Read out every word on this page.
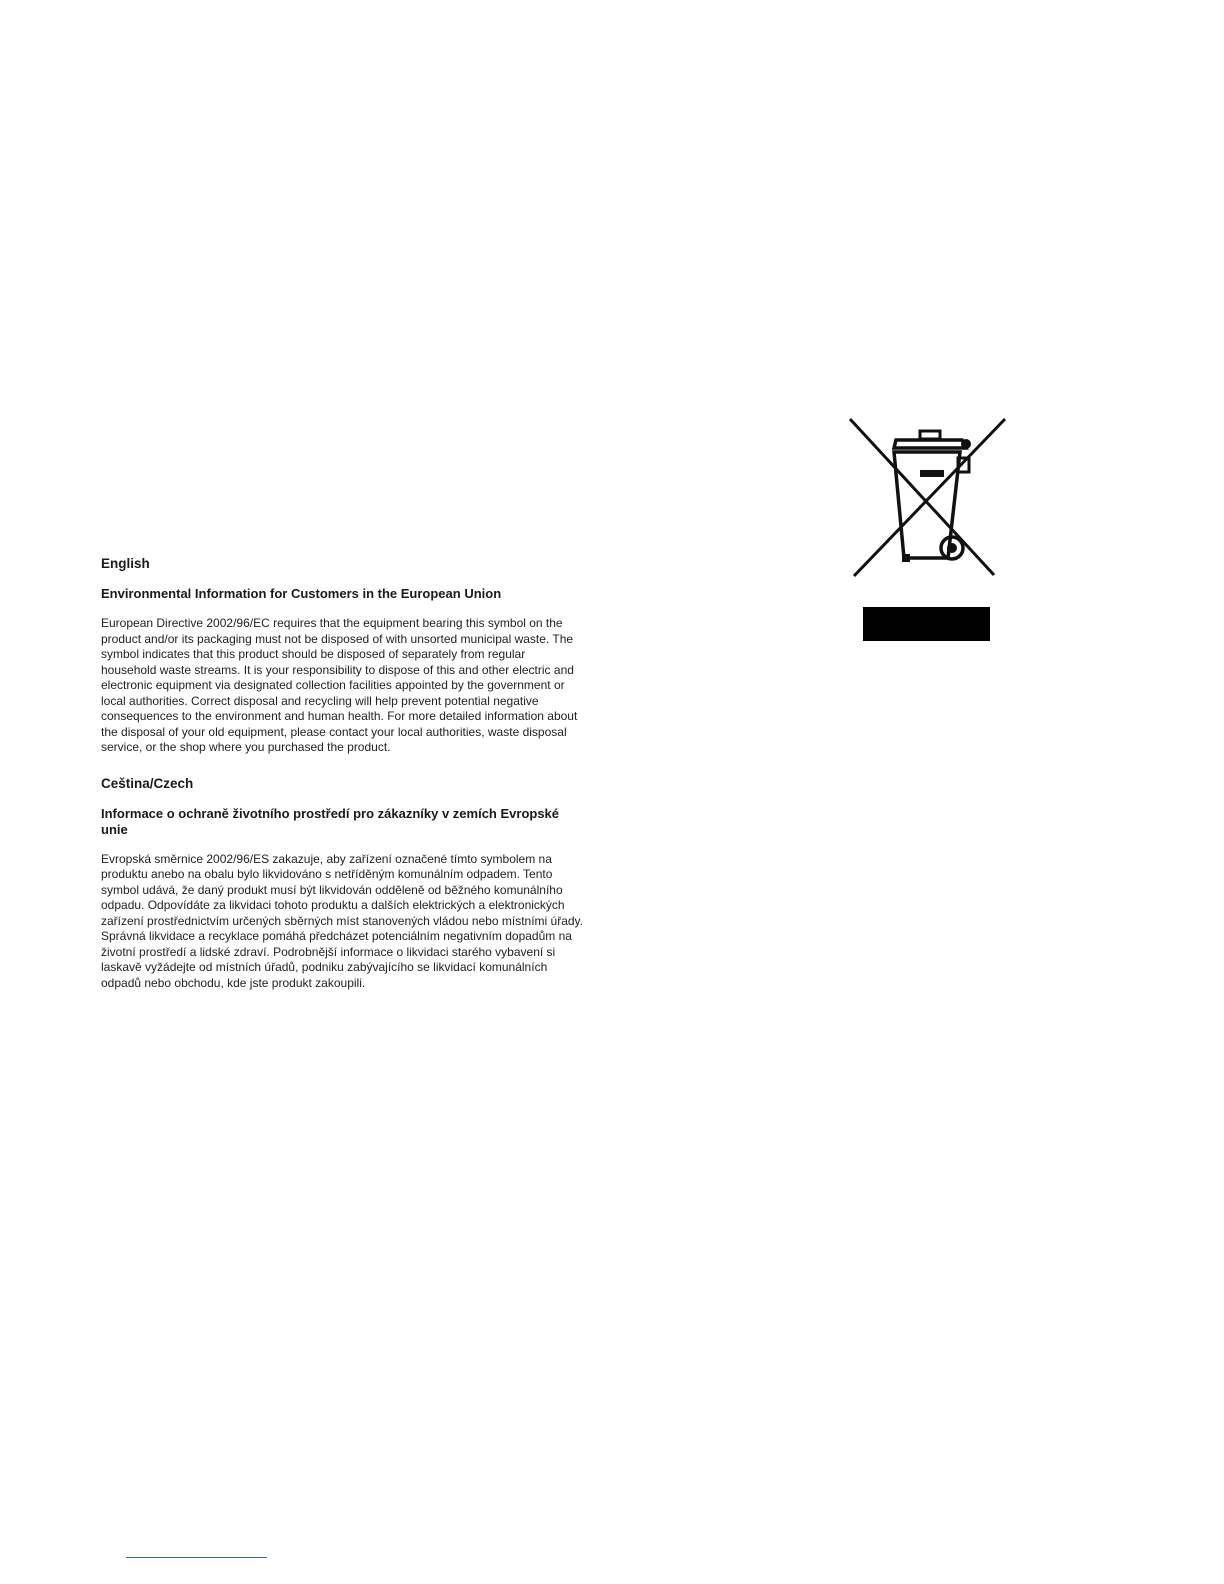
English
Environmental Information for Customers in the European Union

European Directive 2002/96/EC requires that the equipment bearing this symbol on the product and/or its packaging must not be disposed of with unsorted municipal waste. The symbol indicates that this product should be disposed of separately from regular household waste streams. It is your responsibility to dispose of this and other electric and electronic equipment via designated collection facilities appointed by the government or local authorities. Correct disposal and recycling will help prevent potential negative consequences to the environment and human health. For more detailed information about the disposal of your old equipment, please contact your local authorities, waste disposal service, or the shop where you purchased the product.

Ceština/Czech
Informace o ochraně životního prostředí pro zákazníky v zemích Evropské unie

Evropská směrnice 2002/96/ES zakazuje, aby zařízení označené tímto symbolem na produktu anebo na obalu bylo likvidováno s netříděným komunálním odpadem. Tento symbol udává, že daný produkt musí být likvidován odděleně od běžného komunálního odpadu. Odpovídáte za likvidaci tohoto produktu a dalších elektrických a elektronických zařízení prostřednictvím určených sběrných míst stanovených vládou nebo místními úřady. Správná likvidace a recyklace pomáhá předcházet potenciálním negativním dopadům na životní prostředí a lidské zdraví. Podrobnější informace o likvidaci starého vybavení si laskavě vyžádejte od místních úřadů, podniku zabývajícího se likvidací komunálních odpadů nebo obchodu, kde jste produkt zakoupili.
